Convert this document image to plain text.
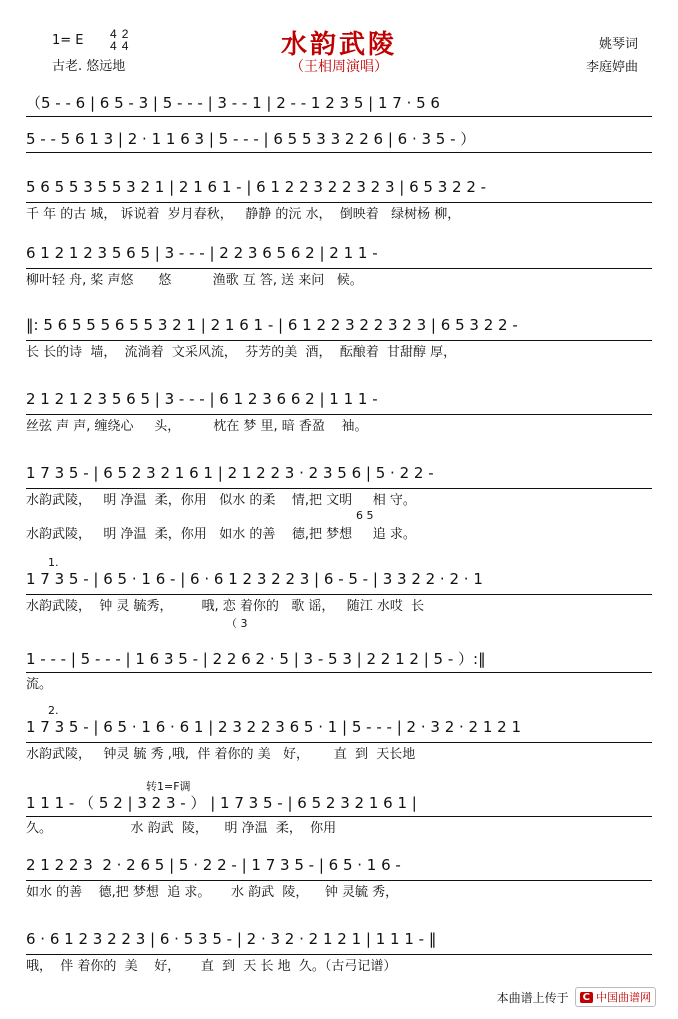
1= E 4
4
2
4	水韵武陵
（王相周演唱）
古老. 悠远地
姚琴词
李庭婷曲
（5 - - 6 | 6 5 - 3 | 5 - - - | 3 - - 1 | 2 - - 1 2 3 5 | 1 7 · 5 6
5 - - 5 6 1 3 | 2 · 1 1 6 3 | 5 - - - | 6 5 5 3 3 2 2 6 | 6 · 3 5 - ）
5 6 5 5 3 5 5 3 2 1 | 2 1 6 1 - | 6 1 2 2 3 2 2 3 2 3 | 6 5 3 2 2 -
千 年 的古 城， 诉说着  岁月春秋，   静静 的沅 水，  倒映着   绿树杨 柳，
6 1 2 1 2 3 5 6 5 | 3 - - - | 2 2 3 6 5 6 2 | 2 1 1 -
柳叶轻 舟, 桨 声悠      悠          渔歌 互 答, 送 来问   候。
‖: 5 6 5 5 5 6 5 5 3 2 1 | 2 1 6 1 - | 6 1 2 2 3 2 2 3 2 3 | 6 5 3 2 2 -
长 长的诗  墙，  流淌着  文采风流，  芬芳的美  酒，  酝酿着  甘甜醇 厚，
2 1 2 1 2 3 5 6 5 | 3 - - - | 6 1 2 3 6 6 2 | 1 1 1 -
丝弦 声 声, 缠绕心     头，        枕在 梦 里, 暗 香盈    袖。
1 7 3 5 - | 6 5 2 3 2 1 6 1 | 2 1 2 2 3 · 2 3 5 6 | 5 · 2 2 -
水韵武陵，   明 净温  柔，你用   似水 的柔    情,把 文明     相 守。
6 5
水韵武陵，   明 净温  柔，你用   如水 的善    德,把 梦想     追 求。
1.
1 7 3 5 - | 6 5 · 1 6 - | 6 · 6 1 2 3 2 2 3 | 6 - 5 - | 3 3 2 2 · 2 · 1
水韵武陵，  钟 灵 毓秀，       哦, 恋 着你的   歌 谣，   随江 水哎  长
（ 3
1 - - - | 5 - - - | 1 6 3 5 - | 2 2 6 2 · 5 | 3 - 5 3 | 2 2 1 2 | 5 - ）:‖
流。
2.
1 7 3 5 - | 6 5 · 1 6 · 6 1 | 2 3 2 2 3 6 5 · 1 | 5 - - - | 2 · 3 2 · 2 1 2 1
水韵武陵，   钟灵 毓 秀 ,哦,  伴 着你的 美   好，      直  到  天长地
转1=F调
1 1 1 - （ 5 2 | 3 2 3 - ） | 1 7 3 5 - | 6 5 2 3 2 1 6 1 |
久。                   水 韵武  陵，    明 净温  柔，  你用
2 1 2 2 3  2 · 2 6 5 | 5 · 2 2 - | 1 7 3 5 - | 6 5 · 1 6 -
如水 的善    德,把 梦想  追 求。     水 韵武  陵，    钟 灵毓 秀，
6 · 6 1 2 3 2 2 3 | 6 · 5 3 5 - | 2 · 3 2 · 2 1 2 1 | 1 1 1 - ‖
哦，  伴 着你的  美    好，     直  到  天 长 地  久。（古弓记谱）
本曲谱上传于	C 中国曲谱网
